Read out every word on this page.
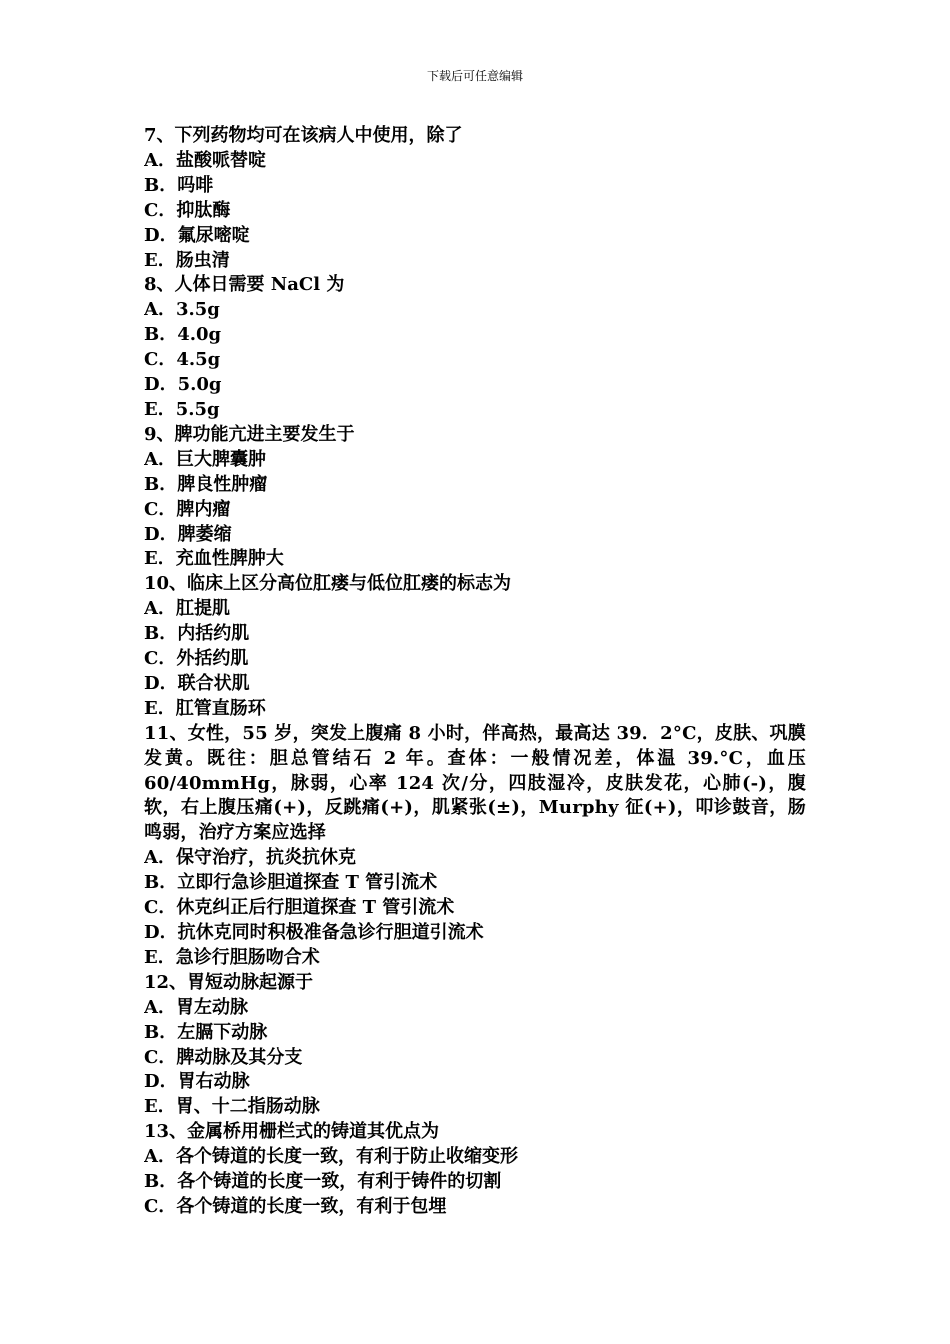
下载后可任意编辑
7、下列药物均可在该病人中使用，除了
A．盐酸哌替啶
B．吗啡
C．抑肽酶
D．氟尿嘧啶
E．肠虫清
8、人体日需要 NaCl 为
A．3.5g
B．4.0g
C．4.5g
D．5.0g
E．5.5g
9、脾功能亢进主要发生于
A．巨大脾囊肿
B．脾良性肿瘤
C．脾内瘤
D．脾萎缩
E．充血性脾肿大
10、临床上区分高位肛瘘与低位肛瘘的标志为
A．肛提肌
B．内括约肌
C．外括约肌
D．联合状肌
E．肛管直肠环
11、女性，55 岁，突发上腹痛 8 小时，伴高热，最高达 39．2°C，皮肤、巩膜发黄。既往：胆总管结石 2 年。查体：一般情况差，体温 39.°C，血压 60/40mmHg，脉弱，心率 124 次/分，四肢湿冷，皮肤发花，心肺(-)，腹软，右上腹压痛(+)，反跳痛(+)，肌紧张(±)，Murphy 征(+)，叩诊鼓音，肠鸣弱，治疗方案应选择
A．保守治疗，抗炎抗休克
B．立即行急诊胆道探查 T 管引流术
C．休克纠正后行胆道探查 T 管引流术
D．抗休克同时积极准备急诊行胆道引流术
E．急诊行胆肠吻合术
12、胃短动脉起源于
A．胃左动脉
B．左膈下动脉
C．脾动脉及其分支
D．胃右动脉
E．胃、十二指肠动脉
13、金属桥用栅栏式的铸道其优点为
A．各个铸道的长度一致，有利于防止收缩变形
B．各个铸道的长度一致，有利于铸件的切割
C．各个铸道的长度一致，有利于包埋
